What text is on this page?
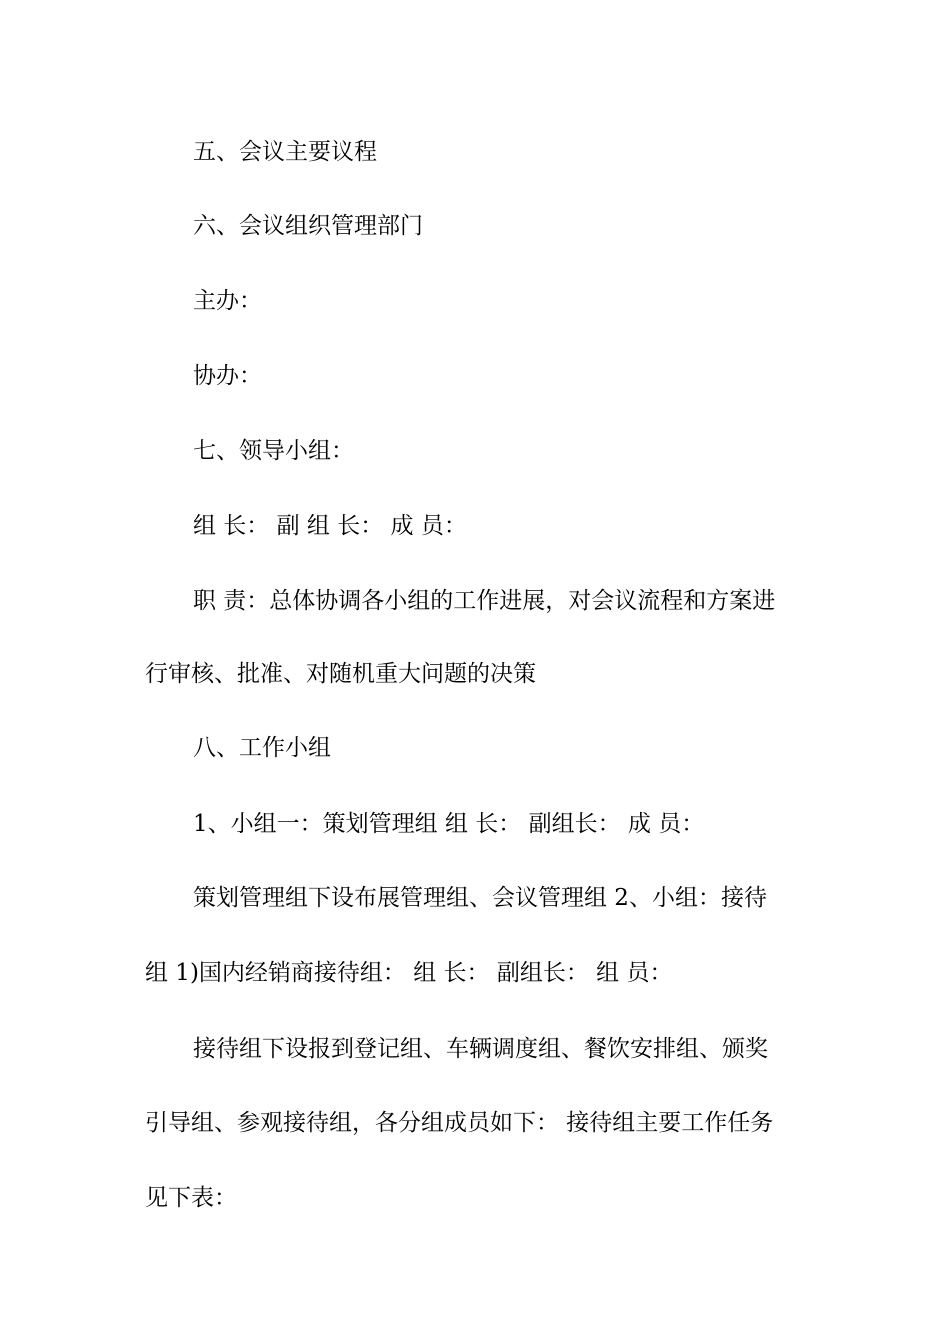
五、会议主要议程

六、会议组织管理部门

主办：

协办：

七、领导小组：

组 长： 副 组 长： 成 员：

职 责：总体协调各小组的工作进展，对会议流程和方案进

行审核、批准、对随机重大问题的决策

八、工作小组

1、小组一：策划管理组 组 长： 副组长： 成 员：

策划管理组下设布展管理组、会议管理组 2、小组：接待

组 1)国内经销商接待组： 组 长： 副组长： 组 员：

接待组下设报到登记组、车辆调度组、餐饮安排组、颁奖

引导组、参观接待组，各分组成员如下： 接待组主要工作任务

见下表：
